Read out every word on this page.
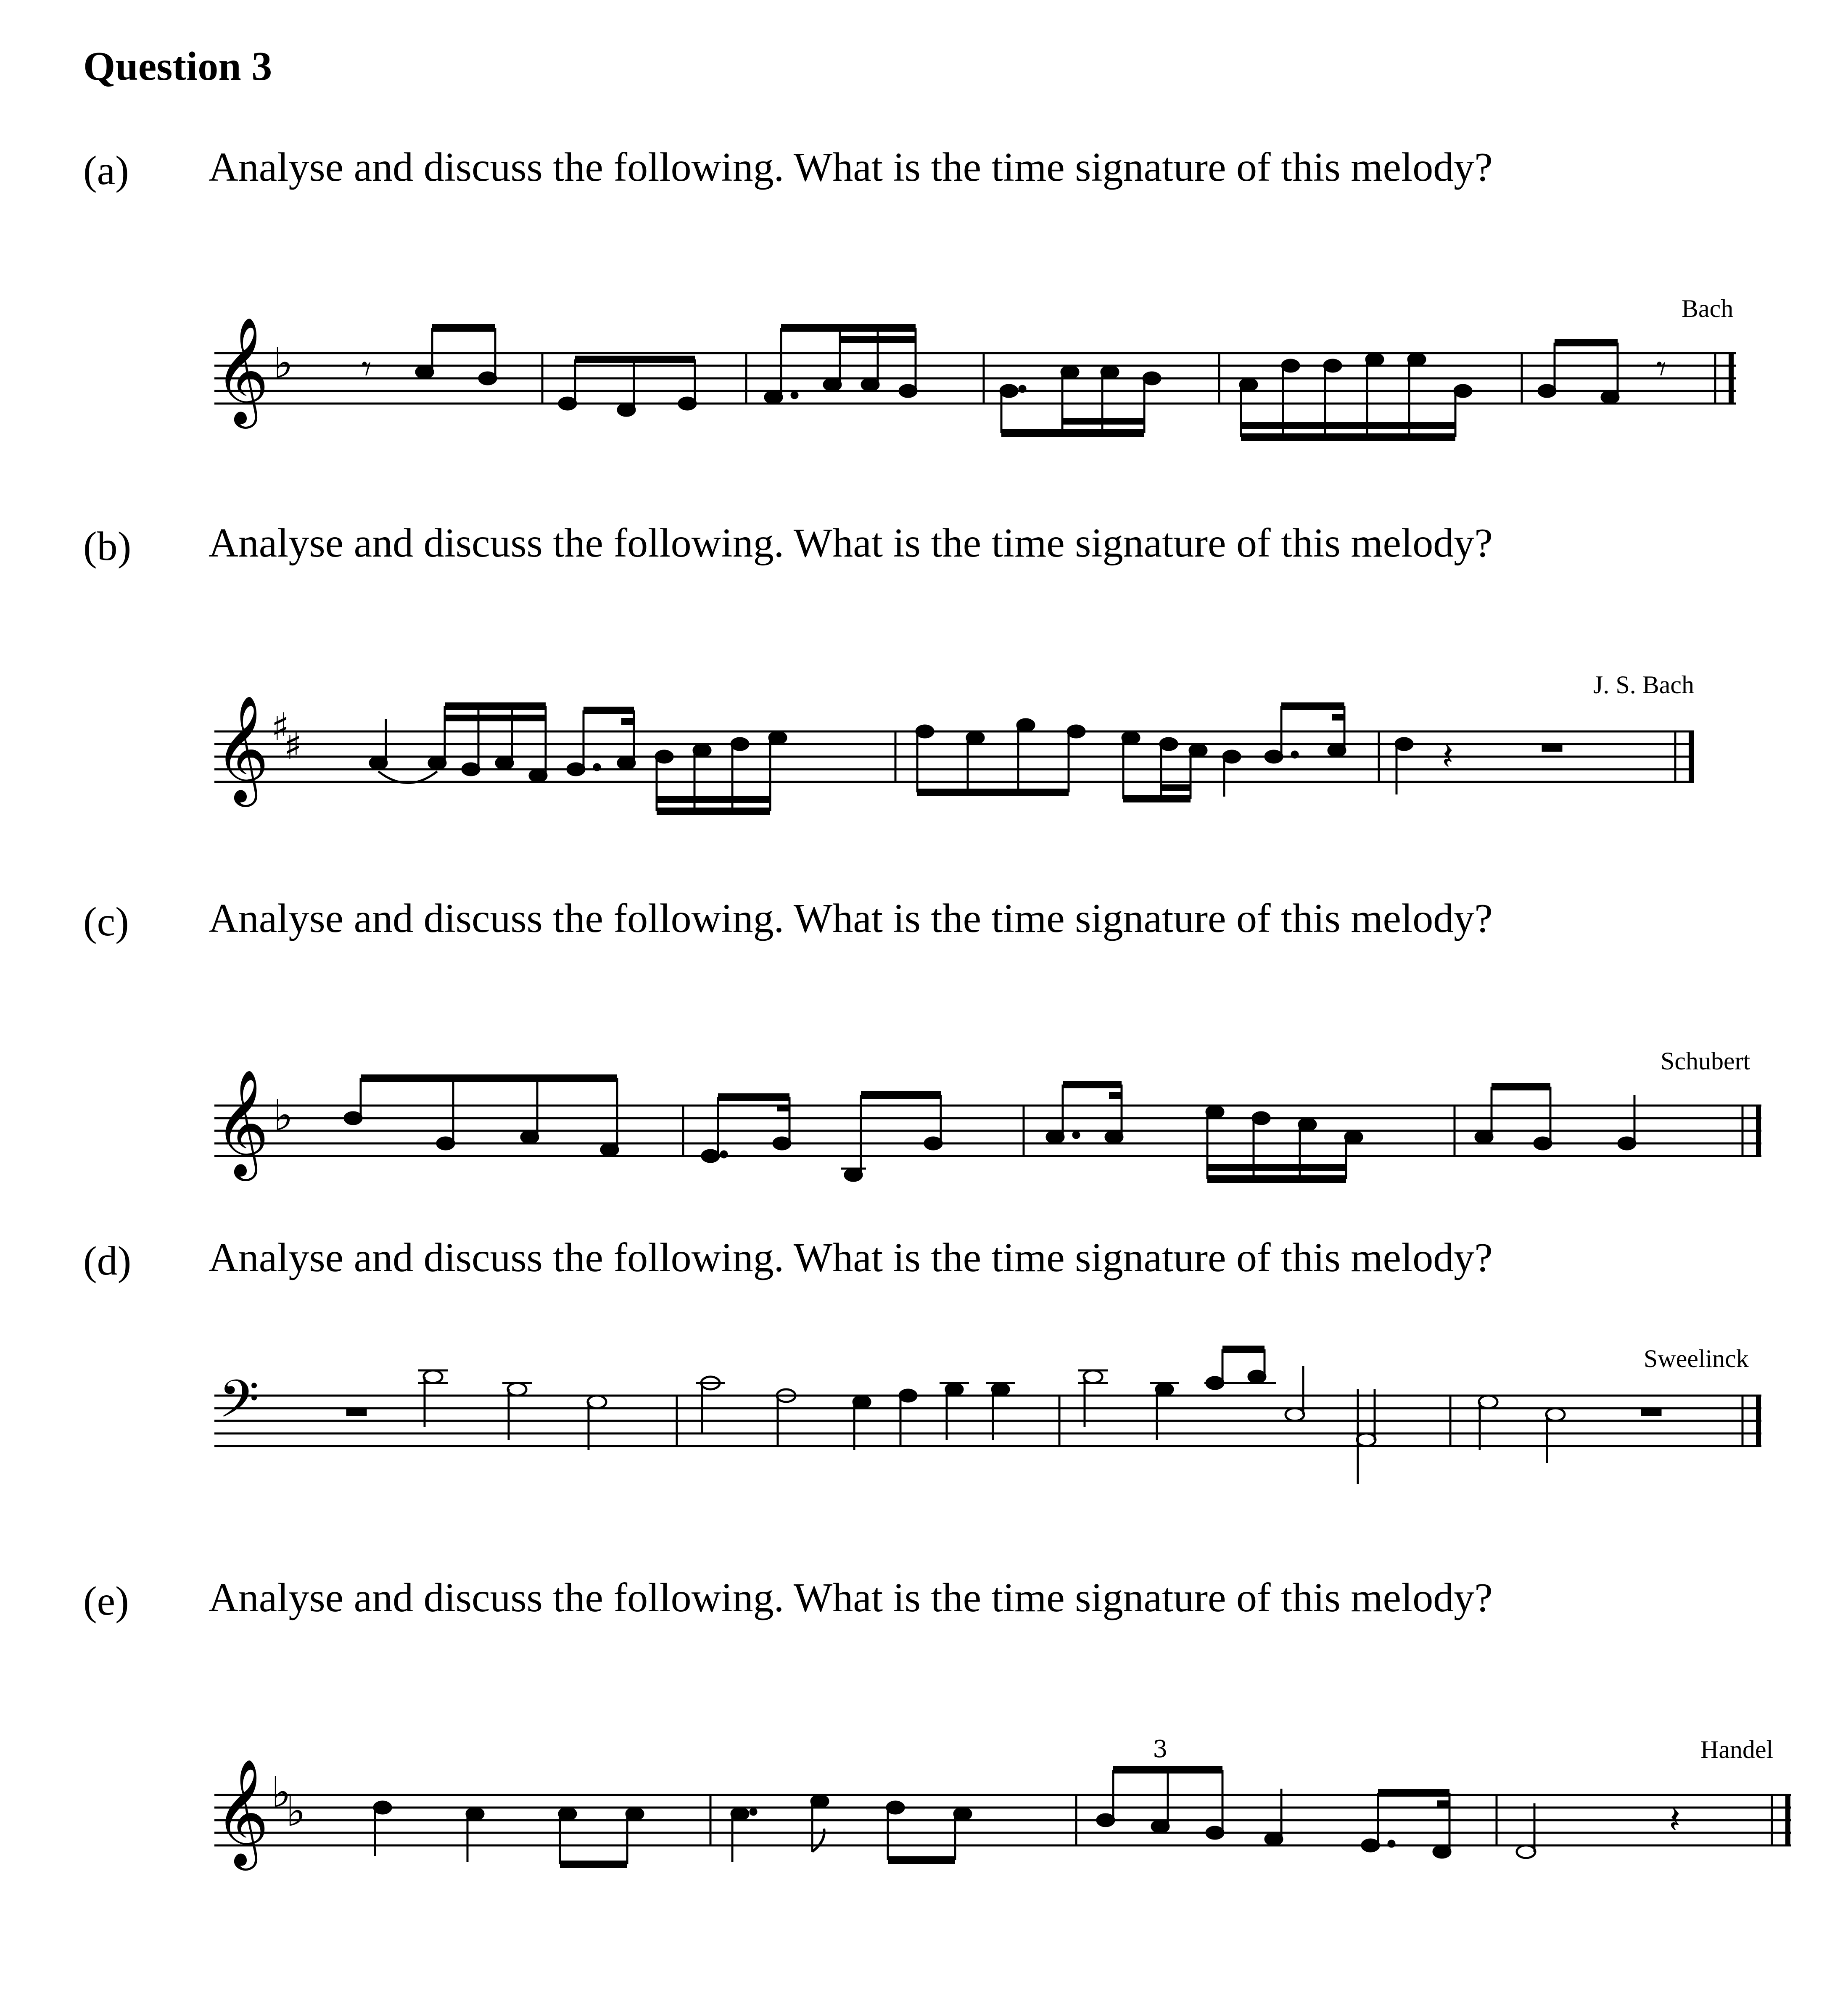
Question 3
(a) Analyse and discuss the following. What is the time signature of this melody?
Bach
𝄞 ♭ 𝄾	𝄾
(b) Analyse and discuss the following. What is the time signature of this melody?
J. S. Bach
𝄞 ♯
♯	𝄽
(c) Analyse and discuss the following. What is the time signature of this melody?
Schubert
𝄞 ♭
(d) Analyse and discuss the following. What is the time signature of this melody?
Sweelinck
𝄢
(e) Analyse and discuss the following. What is the time signature of this melody?
Handel
𝄞 ♭
♭
3
𝄽
